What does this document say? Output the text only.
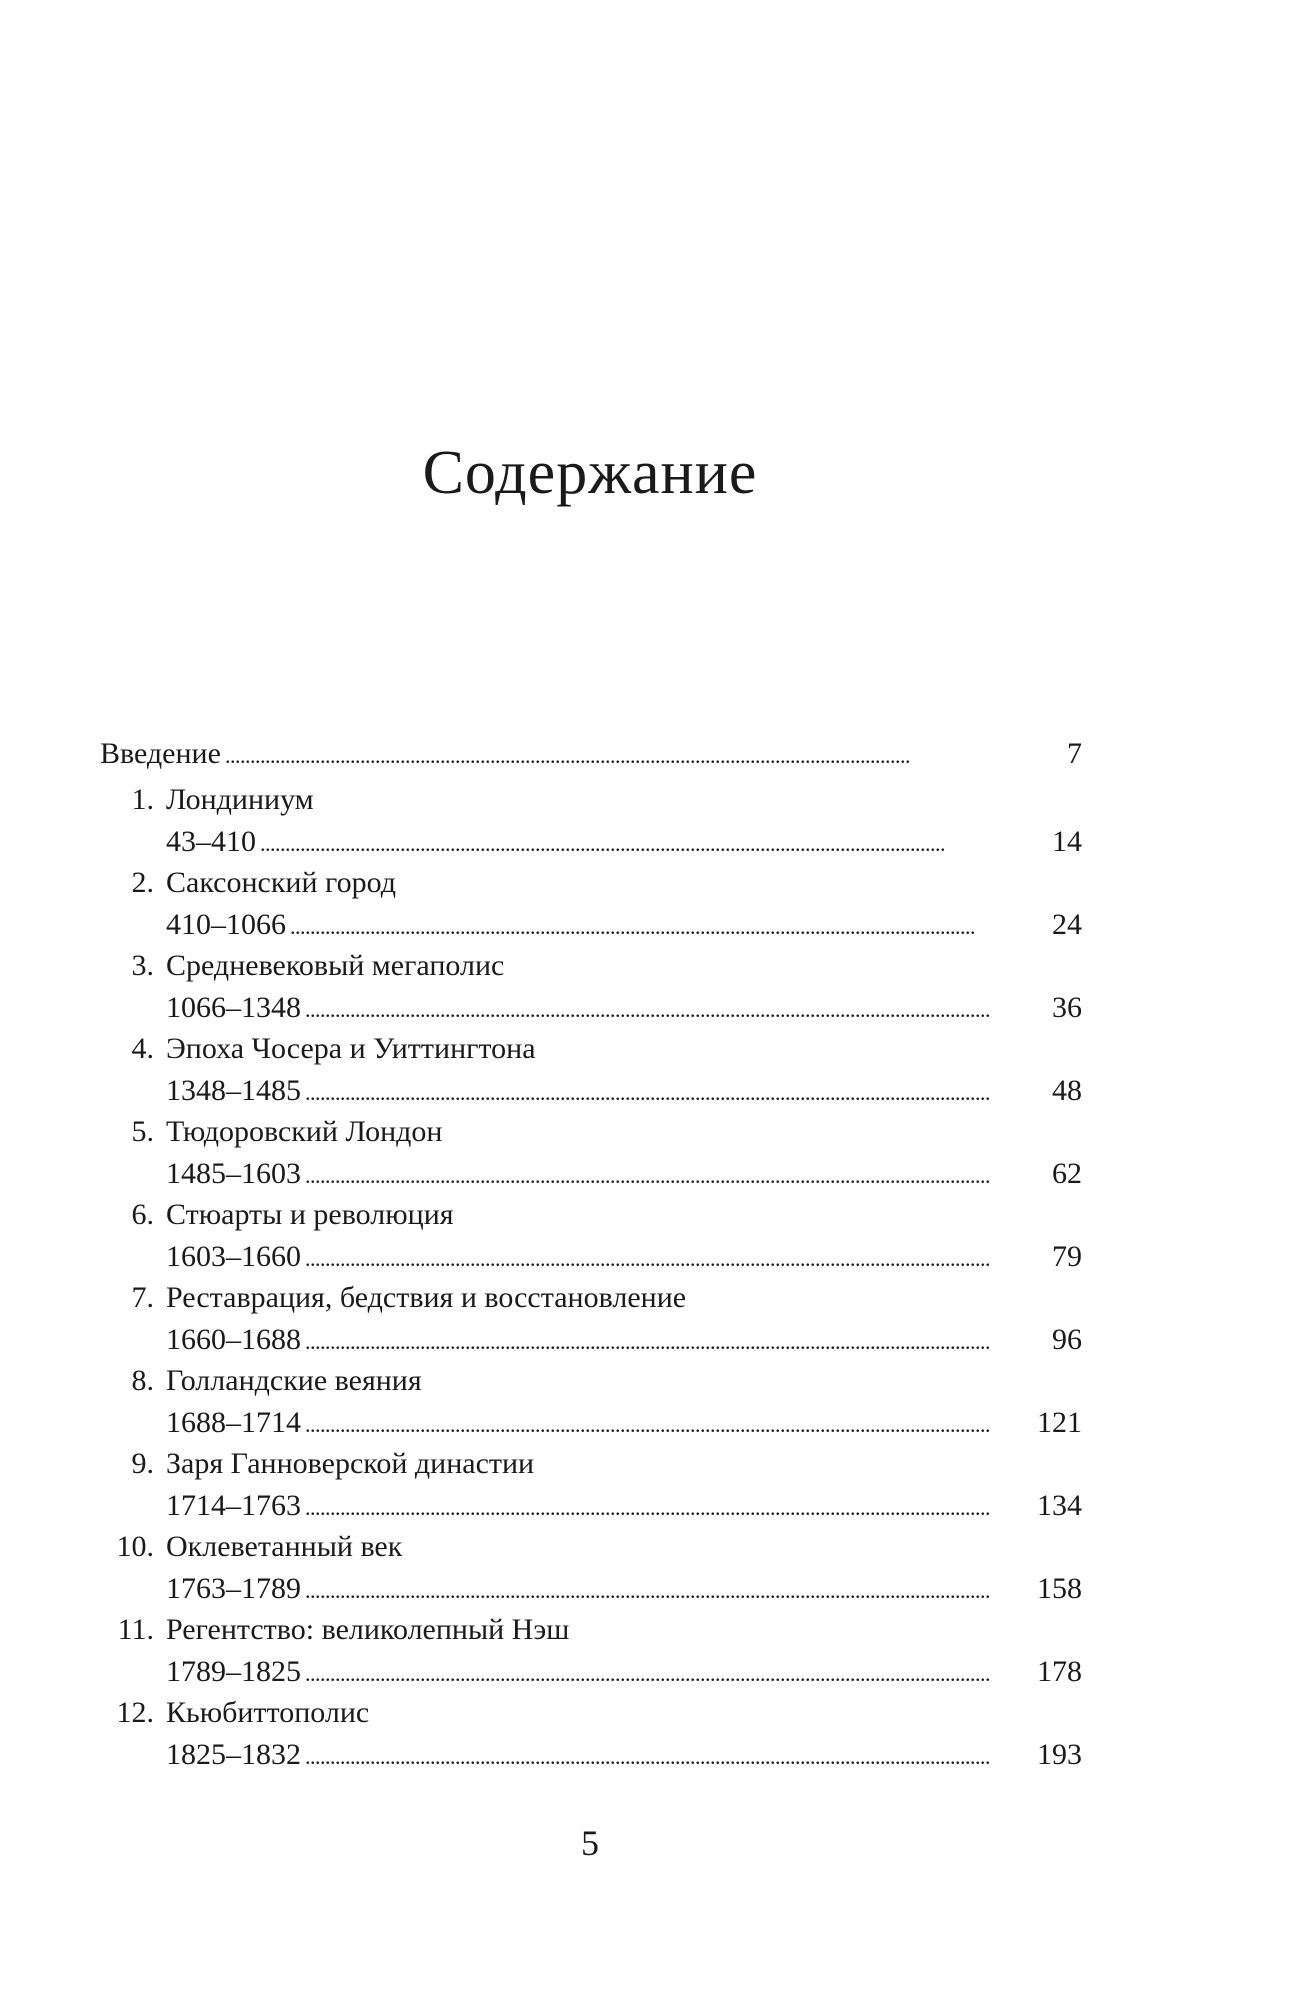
Содержание
Введение . . .	7
1. Лондиниум
43–410 . . .	14
2. Саксонский город
410–1066 . . .	24
3. Средневековый мегаполис
1066–1348 . . .	36
4. Эпоха Чосера и Уиттингтона
1348–1485 . . .	48
5. Тюдоровский Лондон
1485–1603 . . .	62
6. Стюарты и революция
1603–1660 . . .	79
7. Реставрация, бедствия и восстановление
1660–1688 . . .	96
8. Голландские веяния
1688–1714 . . .	121
9. Заря Ганноверской династии
1714–1763 . . .	134
10. Оклеветанный век
1763–1789 . . .	158
11. Регентство: великолепный Нэш
1789–1825 . . .	178
12. Кьюбиттополис
1825–1832 . . .	193
5
